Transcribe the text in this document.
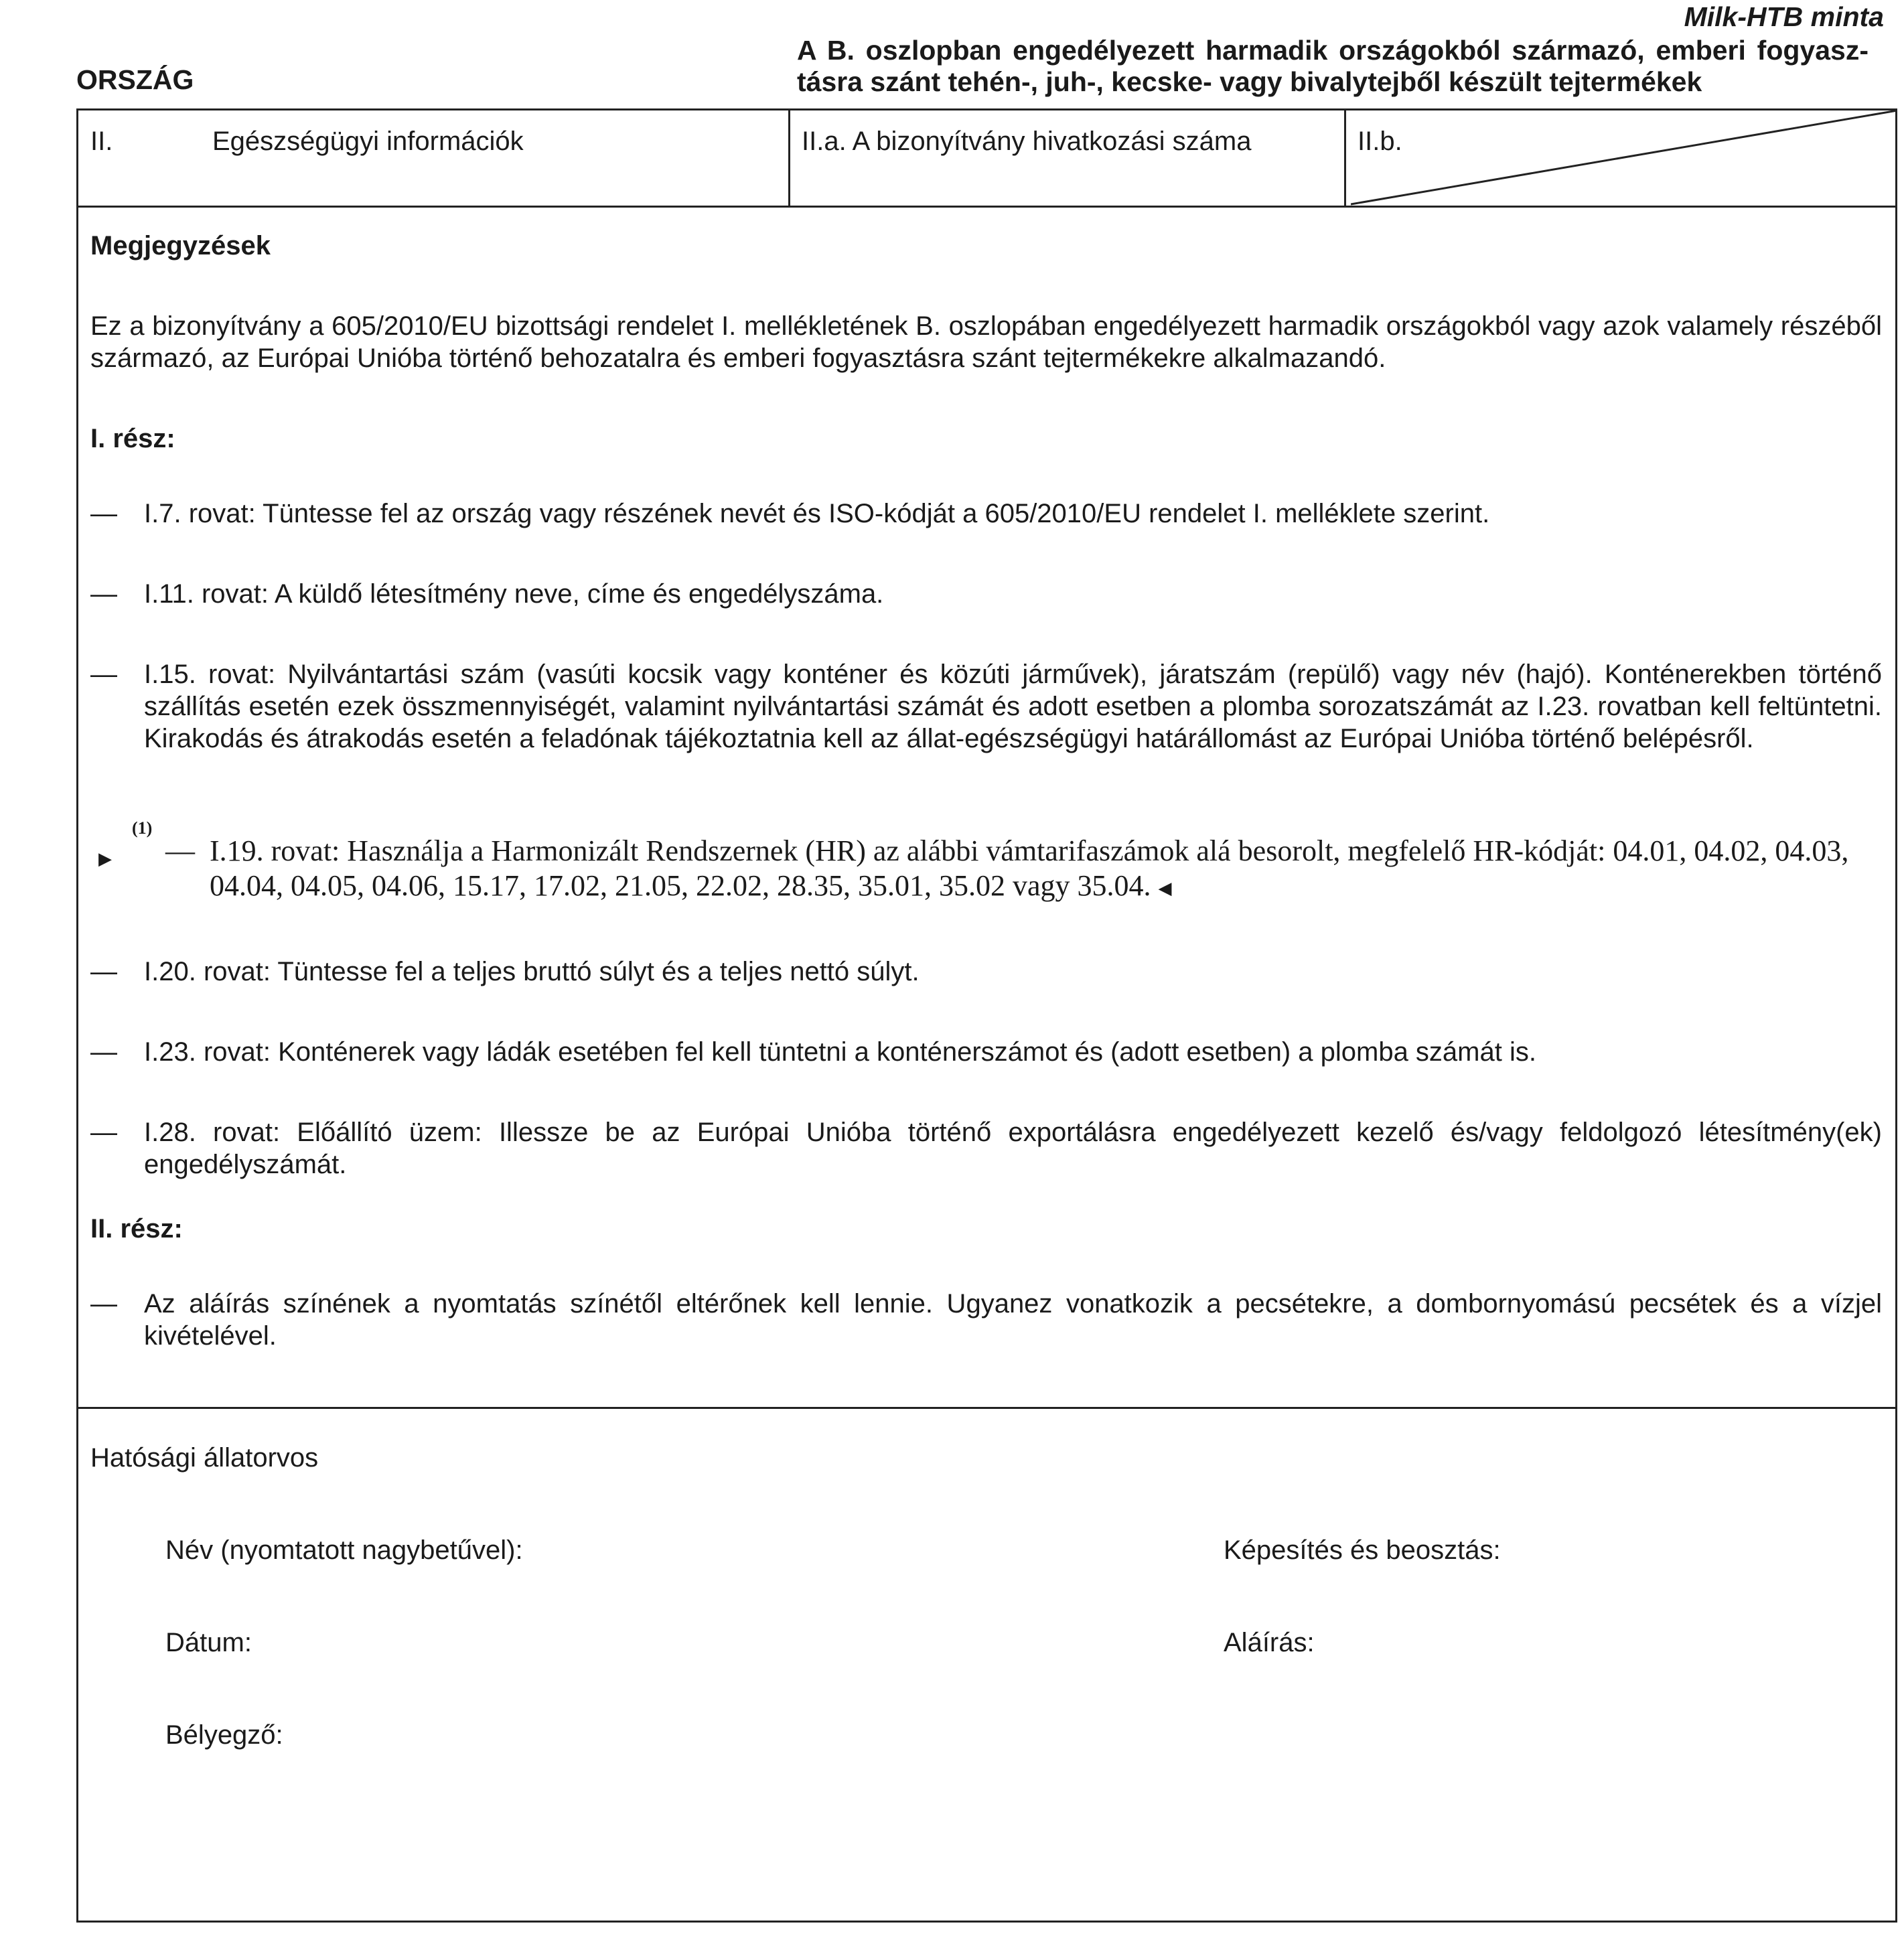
Milk-HTB minta
ORSZÁG
A B. oszlopban engedélyezett harmadik országokból származó, emberi fogyasztásra szánt tehén-, juh-, kecske- vagy bivalytejből készült tejtermékek
II.	Egészségügyi információk	II.a. A bizonyítvány hivatkozási száma	II.b.
Megjegyzések
Ez a bizonyítvány a 605/2010/EU bizottsági rendelet I. mellékletének B. oszlopában engedélyezett harmadik országokból vagy azok valamely részéből származó, az Európai Unióba történő behozatalra és emberi fogyasztásra szánt tejtermékekre alkalmazandó.
I. rész:
— I.7. rovat: Tüntesse fel az ország vagy részének nevét és ISO-kódját a 605/2010/EU rendelet I. melléklete szerint.
— I.11. rovat: A küldő létesítmény neve, címe és engedélyszáma.
— I.15. rovat: Nyilvántartási szám (vasúti kocsik vagy konténer és közúti járművek), járatszám (repülő) vagy név (hajó). Konténerekben történő szállítás esetén ezek összmennyiségét, valamint nyilvántartási számát és adott esetben a plomba sorozatszámát az I.23. rovatban kell feltüntetni. Kirakodás és átrakodás esetén a feladónak tájékoztatnia kell az állat-egészségügyi határállomást az Európai Unióba történő belépésről.
▶
(1)
— I.19. rovat: Használja a Harmonizált Rendszernek (HR) az alábbi vámtarifaszámok alá besorolt, megfelelő HR-kódját: 04.01, 04.02, 04.03, 04.04, 04.05, 04.06, 15.17, 17.02, 21.05, 22.02, 28.35, 35.01, 35.02 vagy 35.04. ◀
— I.20. rovat: Tüntesse fel a teljes bruttó súlyt és a teljes nettó súlyt.
— I.23. rovat: Konténerek vagy ládák esetében fel kell tüntetni a konténerszámot és (adott esetben) a plomba számát is.
— I.28. rovat: Előállító üzem: Illessze be az Európai Unióba történő exportálásra engedélyezett kezelő és/vagy feldolgozó létesítmény(ek) engedélyszámát.
II. rész:
— Az aláírás színének a nyomtatás színétől eltérőnek kell lennie. Ugyanez vonatkozik a pecsétekre, a dombornyomású pecsétek és a vízjel kivételével.
Hatósági állatorvos
Név (nyomtatott nagybetűvel):	Képesítés és beosztás:
Dátum:	Aláírás:
Bélyegző:
